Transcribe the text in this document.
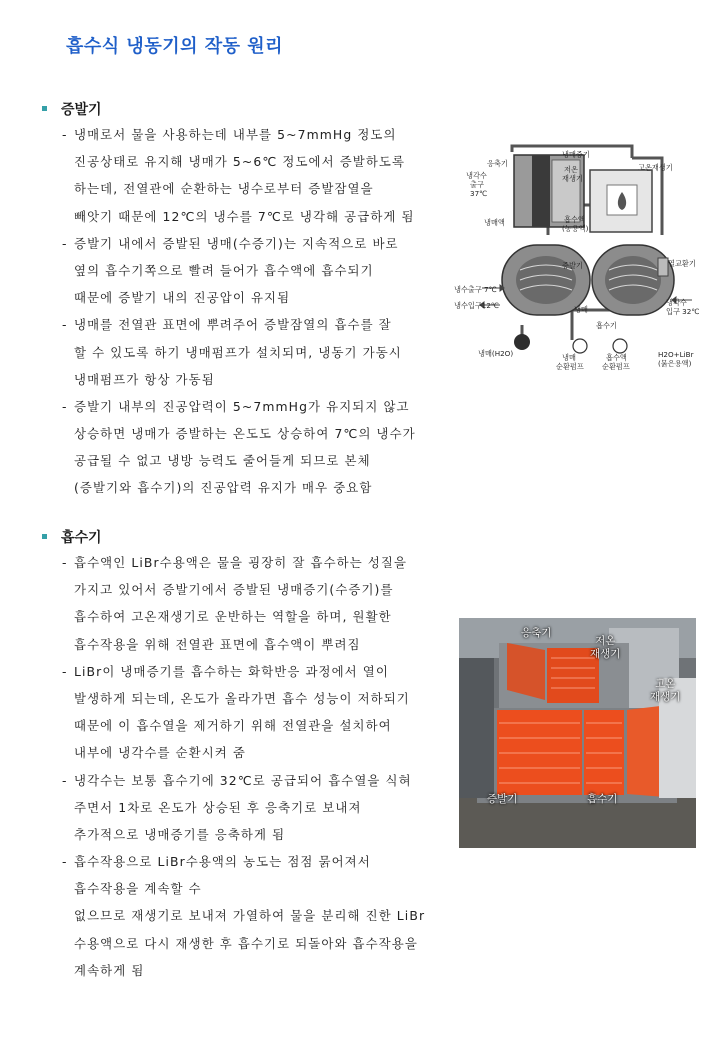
흡수식 냉동기의 작동 원리
증발기
- 냉매로서 물을 사용하는데 내부를 5~7mmHg 정도의
진공상태로 유지해 냉매가 5~6℃ 정도에서 증발하도록
하는데, 전열관에 순환하는 냉수로부터 증발잠열을
빼앗기 때문에 12℃의 냉수를 7℃로 냉각해 공급하게 됨
- 증발기 내에서 증발된 냉매(수증기)는 지속적으로 바로
옆의 흡수기쪽으로 빨려 들어가 흡수액에 흡수되기
때문에 증발기 내의 진공압이 유지됨
- 냉매를 전열관 표면에 뿌려주어 증발잠열의 흡수를 잘
할 수 있도록 하기 냉매펌프가 설치되며, 냉동기 가동시
냉매펌프가 항상 가동됨
- 증발기 내부의 진공압력이 5~7mmHg가 유지되지 않고
상승하면 냉매가 증발하는 온도도 상승하여 7℃의 냉수가
공급될 수 없고 냉방 능력도 줄어들게 되므로 본체
(증발기와 흡수기)의 진공압력 유지가 매우 중요함
응축기
냉매증기
저온
재생기
고온재생기
냉각수
출구
37℃
냉매액	흡수액
(농용액)
증발기	열교환기
냉수출구 7℃
냉수입구12℃	냉매
흡수기
냉각수
입구 32℃
냉매(H2O)	냉매
순환펌프
흡수액
순환펌프
H2O+LiBr
(묽은용액)
흡수기
- 흡수액인 LiBr수용액은 물을 굉장히 잘 흡수하는 성질을
가지고 있어서 증발기에서 증발된 냉매증기(수증기)를
흡수하여 고온재생기로 운반하는 역할을 하며, 원활한
흡수작용을 위해 전열관 표면에 흡수액이 뿌려짐
- LiBr이 냉매증기를 흡수하는 화학반응 과정에서 열이
발생하게 되는데, 온도가 올라가면 흡수 성능이 저하되기
때문에 이 흡수열을 제거하기 위해 전열관을 설치하여
내부에 냉각수를 순환시켜 줌
- 냉각수는 보통 흡수기에 32℃로 공급되어 흡수열을 식혀
주면서 1차로 온도가 상승된 후 응축기로 보내져
추가적으로 냉매증기를 응축하게 됨
- 흡수작용으로 LiBr수용액의 농도는 점점 묽어져서
흡수작용을 계속할 수
없으므로 재생기로 보내져 가열하여 물을 분리해 진한 LiBr
수용액으로 다시 재생한 후 흡수기로 되돌아와 흡수작용을
계속하게 됨
응축기
저온
재생기
고온
재생기
증발기	흡수기
